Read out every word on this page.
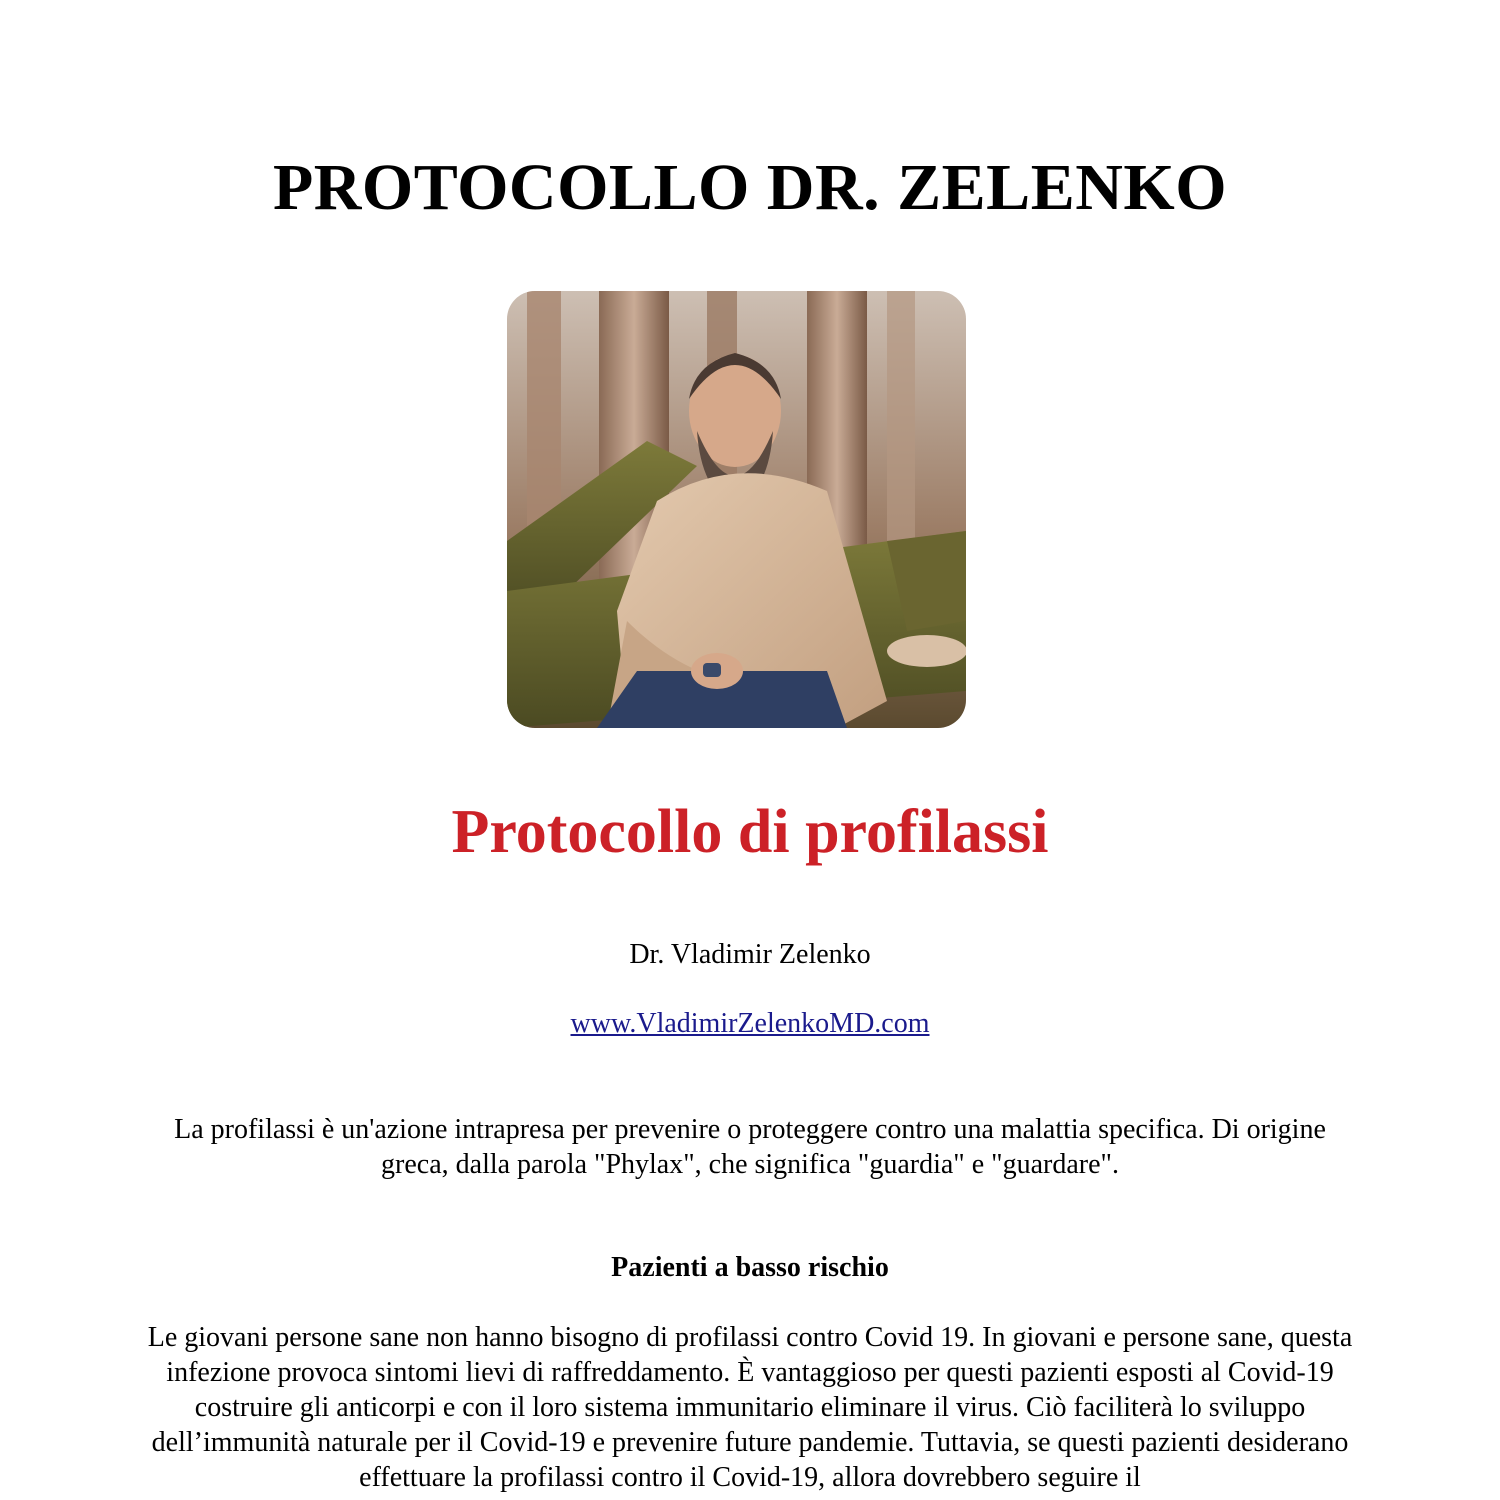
PROTOCOLLO DR. ZELENKO
Protocollo di profilassi
Dr. Vladimir Zelenko
www.VladimirZelenkoMD.com

La profilassi è un'azione intrapresa per prevenire o proteggere contro una malattia specifica. Di origine greca, dalla parola "Phylax", che significa "guardia" e "guardare".

Pazienti a basso rischio

Le giovani persone sane non hanno bisogno di profilassi contro Covid 19. In giovani e persone sane, questa infezione provoca sintomi lievi di raffreddamento. È vantaggioso per questi pazienti esposti al Covid-19 costruire gli anticorpi e con il loro sistema immunitario eliminare il virus. Ciò faciliterà lo sviluppo dell’immunità naturale per il Covid-19 e prevenire future pandemie. Tuttavia, se questi pazienti desiderano effettuare la profilassi contro il Covid-19, allora dovrebbero seguire il
